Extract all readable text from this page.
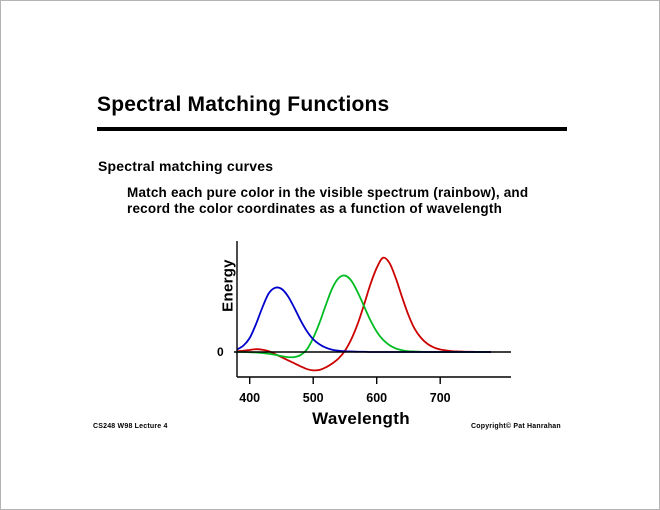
Spectral Matching Functions
Spectral matching curves
Match each pure color in the visible spectrum (rainbow), and record the color coordinates as a function of wavelength
Energy
Wavelength
0
400	500	600	700
CS248 W98 Lecture 4	Copyright© Pat Hanrahan
